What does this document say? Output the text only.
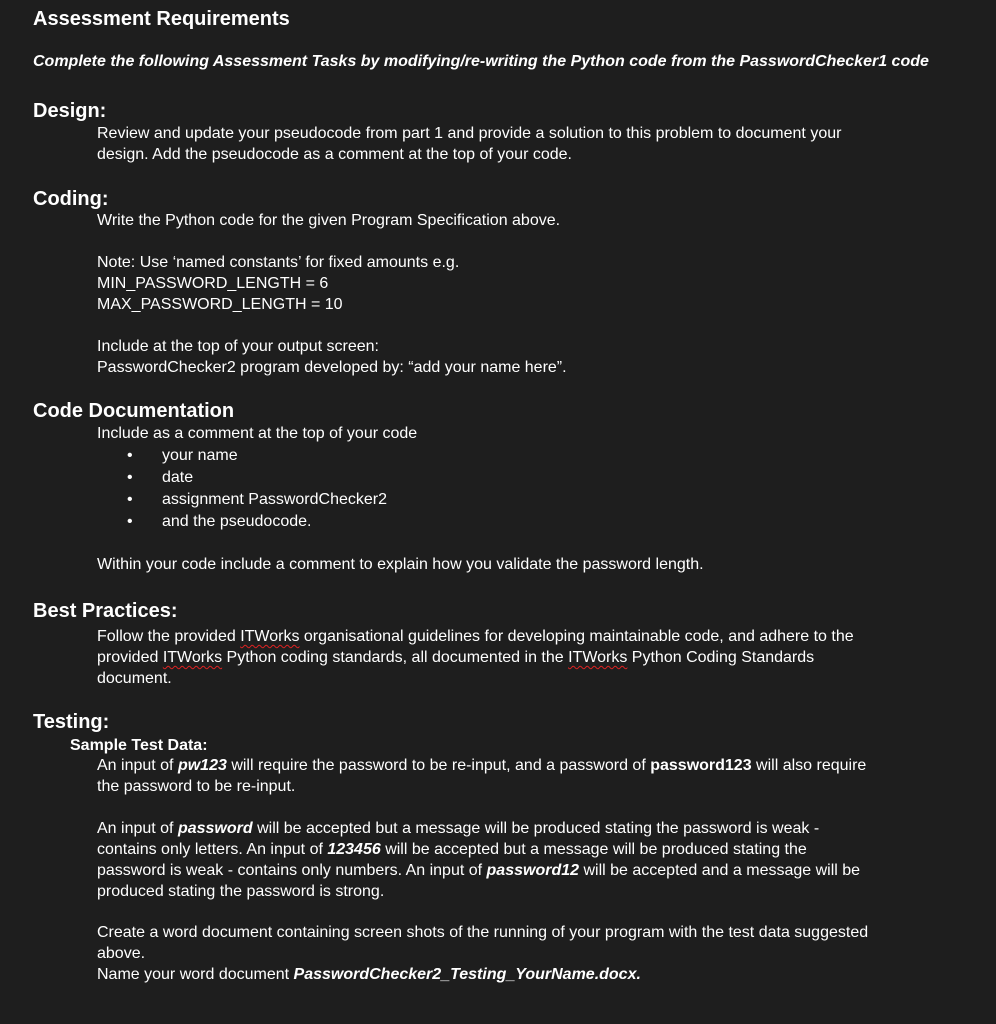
Assessment Requirements
Complete the following Assessment Tasks by modifying/re-writing the Python code from the PasswordChecker1 code
Design:

Review and update your pseudocode from part 1 and provide a solution to this problem to document your

design. Add the pseudocode as a comment at the top of your code.

Coding:
Write the Python code for the given Program Specification above.

Note: Use ‘named constants’ for fixed amounts e.g.

MIN_PASSWORD_LENGTH = 6

MAX_PASSWORD_LENGTH = 10

Include at the top of your output screen:

PasswordChecker2 program developed by: “add your name here”.

Code Documentation
Include as a comment at the top of your code
• your name
• date
• assignment PasswordChecker2
• and the pseudocode.
Within your code include a comment to explain how you validate the password length.
Best Practices:

Follow the provided ITWorks organisational guidelines for developing maintainable code, and adhere to the

provided ITWorks Python coding standards, all documented in the ITWorks Python Coding Standards

document.

Testing:
Sample Test Data:

An input of pw123 will require the password to be re-input, and a password of password123 will also require

the password to be re-input.

An input of password will be accepted but a message will be produced stating the password is weak -

contains only letters. An input of 123456 will be accepted but a message will be produced stating the

password is weak - contains only numbers. An input of password12 will be accepted and a message will be

produced stating the password is strong.

Create a word document containing screen shots of the running of your program with the test data suggested

above.

Name your word document PasswordChecker2_Testing_YourName.docx.
